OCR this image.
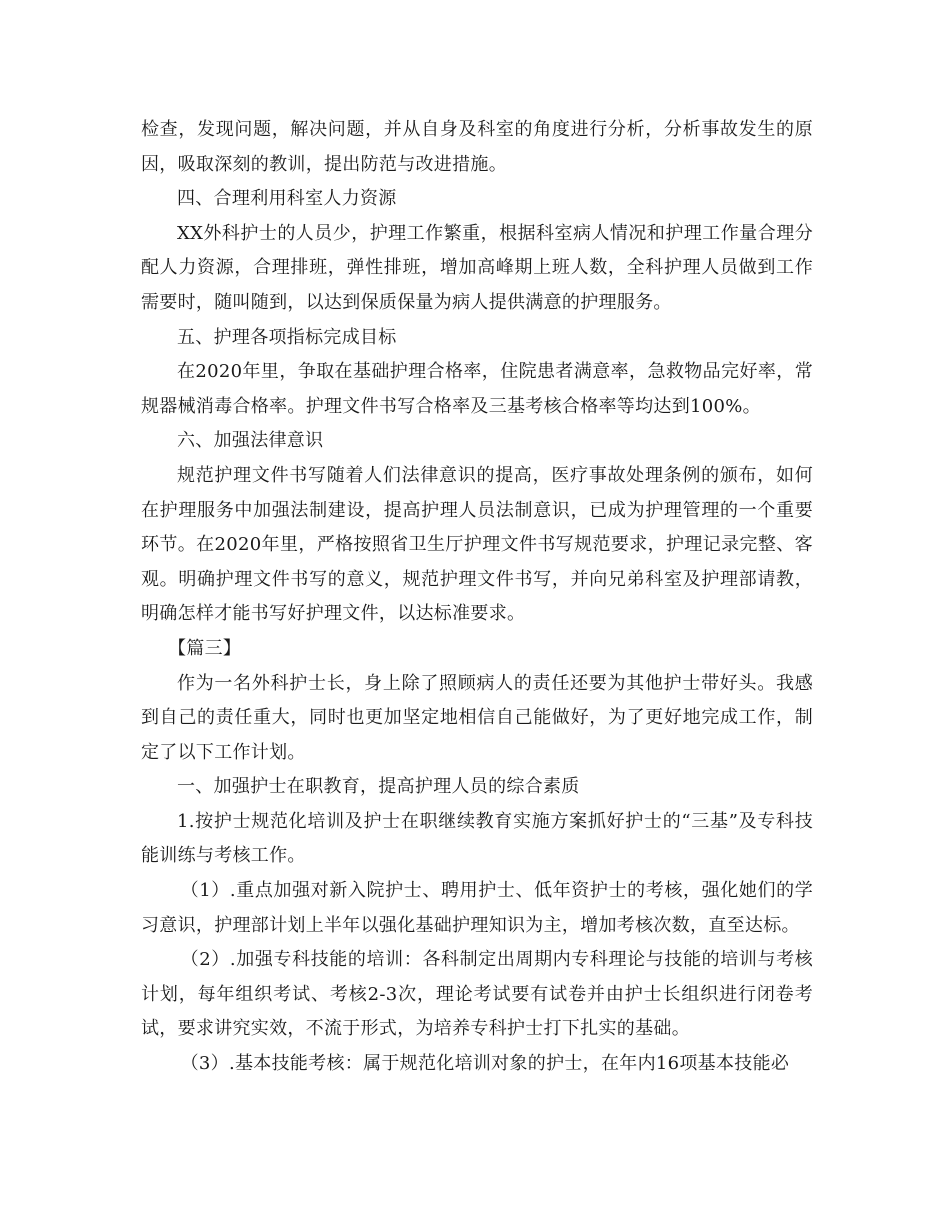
检查，发现问题，解决问题，并从自身及科室的角度进行分析，分析事故发生的原因，吸取深刻的教训，提出防范与改进措施。

四、合理利用科室人力资源

XX外科护士的人员少，护理工作繁重，根据科室病人情况和护理工作量合理分配人力资源，合理排班，弹性排班，增加高峰期上班人数，全科护理人员做到工作需要时，随叫随到，以达到保质保量为病人提供满意的护理服务。

五、护理各项指标完成目标

在2020年里，争取在基础护理合格率，住院患者满意率，急救物品完好率，常规器械消毒合格率。护理文件书写合格率及三基考核合格率等均达到100%。

六、加强法律意识

规范护理文件书写随着人们法律意识的提高，医疗事故处理条例的颁布，如何在护理服务中加强法制建设，提高护理人员法制意识，已成为护理管理的一个重要环节。在2020年里，严格按照省卫生厅护理文件书写规范要求，护理记录完整、客观。明确护理文件书写的意义，规范护理文件书写，并向兄弟科室及护理部请教，明确怎样才能书写好护理文件，以达标准要求。

【篇三】

作为一名外科护士长，身上除了照顾病人的责任还要为其他护士带好头。我感到自己的责任重大，同时也更加坚定地相信自己能做好，为了更好地完成工作，制定了以下工作计划。

一、加强护士在职教育，提高护理人员的综合素质

1.按护士规范化培训及护士在职继续教育实施方案抓好护士的“三基”及专科技能训练与考核工作。

（1）.重点加强对新入院护士、聘用护士、低年资护士的考核，强化她们的学习意识，护理部计划上半年以强化基础护理知识为主，增加考核次数，直至达标。

（2）.加强专科技能的培训：各科制定出周期内专科理论与技能的培训与考核计划，每年组织考试、考核2-3次，理论考试要有试卷并由护士长组织进行闭卷考试，要求讲究实效，不流于形式，为培养专科护士打下扎实的基础。

（3）.基本技能考核：属于规范化培训对象的护士，在年内16项基本技能必
